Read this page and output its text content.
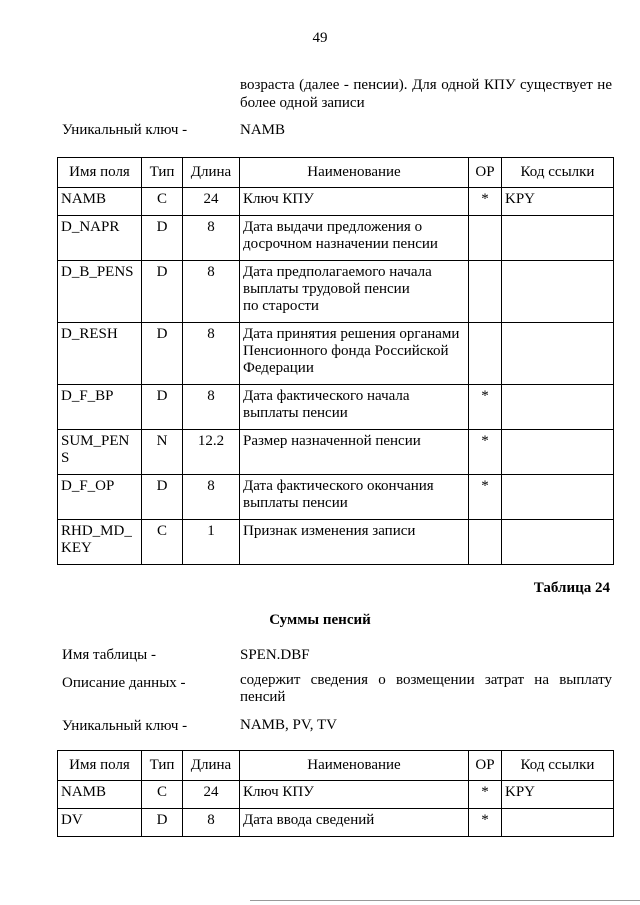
49
возраста (далее - пенсии). Для одной КПУ существует не более одной записи
Уникальный ключ -	NAMB
Имя поля	Тип	Длина	Наименование	ОР	Код ссылки

NAMB	C	24	Ключ КПУ	*	KPY

D_NAPR	D	8	Дата выдачи предложения о
досрочном назначении пенсии		

D_B_PENS	D	8	Дата предполагаемого начала
выплаты трудовой пенсии
по старости		

D_RESH	D	8	Дата принятия решения органами
Пенсионного фонда Российской
Федерации		

D_F_BP	D	8	Дата фактического начала
выплаты пенсии	*	

SUM_PEN
S	N	12.2	Размер назначенной пенсии	*	

D_F_OP	D	8	Дата фактического окончания
выплаты пенсии	*	

RHD_MD_
KEY	C	1	Признак изменения записи		

Таблица 24
Суммы пенсий
Имя таблицы -	SPEN.DBF
Описание данных -	содержит сведения о возмещении затрат на выплату пенсий
Уникальный ключ -	NAMB, PV, TV
Имя поля	Тип	Длина	Наименование	ОР	Код ссылки

NAMB	C	24	Ключ КПУ	*	KPY

DV	D	8	Дата ввода сведений	*	
